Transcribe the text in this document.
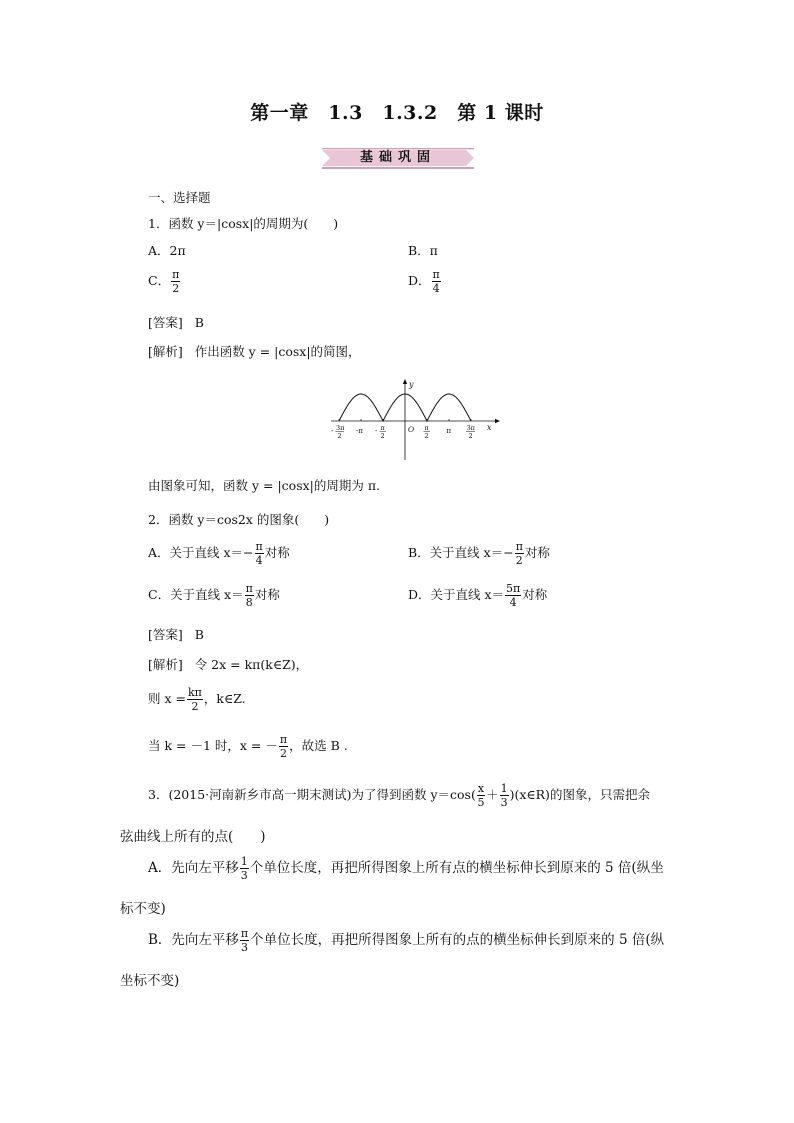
第一章　1.3　1.3.2　第 1 课时
基础巩固
一、选择题
1．函数 y＝|cosx|的周期为(　　)
A．2π	B．π
C． $\frac{\pi}{2}$	D． $\frac{\pi}{4}$
[答案] B
[解析] 作出函数 y = |cosx|的简图，
y
x
O
- 3π
2
-π - π
2
π
2
π 3π
2
由图象可知，函数 y = |cosx|的周期为 π.
2．函数 y＝cos2x 的图象(　　)
A．关于直线 $x=- \frac{\pi}{4}$ 对称	B．关于直线 $x=- \frac{\pi}{2}$ 对称
C．关于直线 $x= \frac{\pi}{8}$ 对称	D．关于直线 $x= \frac{5\pi}{4}$ 对称
[答案] B
[解析] 令 2x = kπ(k∈Z)，
则 $x = \frac{k\pi}{2}$ ，k∈Z.
当 k = －1 时，x = － $\frac{\pi}{2}$ ，故选 B .
3．(2015·河南新乡市高一期末测试)为了得到函数 $y=\cos( \frac{x}{5} + \frac{1}{3}$ )(x∈R)的图象，只需把余
弦曲线上所有的点(　　)
A．先向左平移 $\frac{1}{3}$ 个单位长度，再把所得图象上所有点的横坐标伸长到原来的 5 倍(纵坐
标不变)
B．先向左平移 $\frac{\pi}{3}$ 个单位长度，再把所得图象上所有的点的横坐标伸长到原来的 5 倍(纵
坐标不变)
